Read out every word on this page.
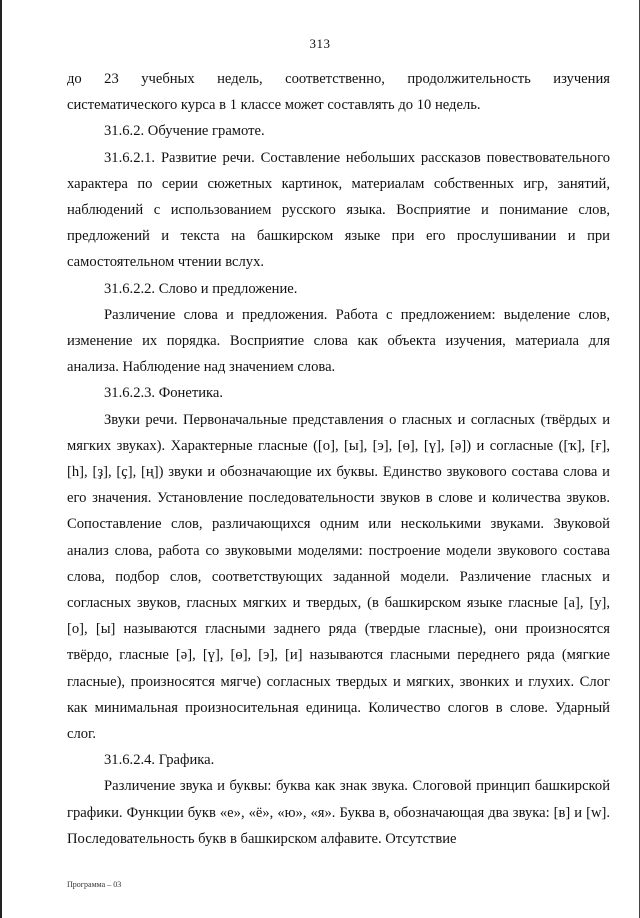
313

до 23 учебных недель, соответственно, продолжительность изучения систематического курса в 1 классе может составлять до 10 недель.

31.6.2. Обучение грамоте.

31.6.2.1. Развитие речи. Составление небольших рассказов повествовательного характера по серии сюжетных картинок, материалам собственных игр, занятий, наблюдений с использованием русского языка. Восприятие и понимание слов, предложений и текста на башкирском языке при его прослушивании и при самостоятельном чтении вслух.

31.6.2.2. Слово и предложение.

Различение слова и предложения. Работа с предложением: выделение слов, изменение их порядка. Восприятие слова как объекта изучения, материала для анализа. Наблюдение над значением слова.

31.6.2.3. Фонетика.

Звуки речи. Первоначальные представления о гласных и согласных (твёрдых и мягких звуках). Характерные гласные ([о], [ы], [э], [ө], [ү], [ә]) и согласные ([ҡ], [ғ], [һ], [ҙ], [ҫ], [ң]) звуки и обозначающие их буквы. Единство звукового состава слова и его значения. Установление последовательности звуков в слове и количества звуков. Сопоставление слов, различающихся одним или несколькими звуками. Звуковой анализ слова, работа со звуковыми моделями: построение модели звукового состава слова, подбор слов, соответствующих заданной модели. Различение гласных и согласных звуков, гласных мягких и твердых, (в башкирском языке гласные [а], [у], [о], [ы] называются гласными заднего ряда (твердые гласные), они произносятся твёрдо, гласные [ә], [ү], [ө], [э], [и] называются гласными переднего ряда (мягкие гласные), произносятся мягче) согласных твердых и мягких, звонких и глухих. Слог как минимальная произносительная единица. Количество слогов в слове. Ударный слог.

31.6.2.4. Графика.

Различение звука и буквы: буква как знак звука. Слоговой принцип башкирской графики. Функции букв «е», «ё», «ю», «я». Буква в, обозначающая два звука: [в] и [w]. Последовательность букв в башкирском алфавите. Отсутствие

Программа – 03
